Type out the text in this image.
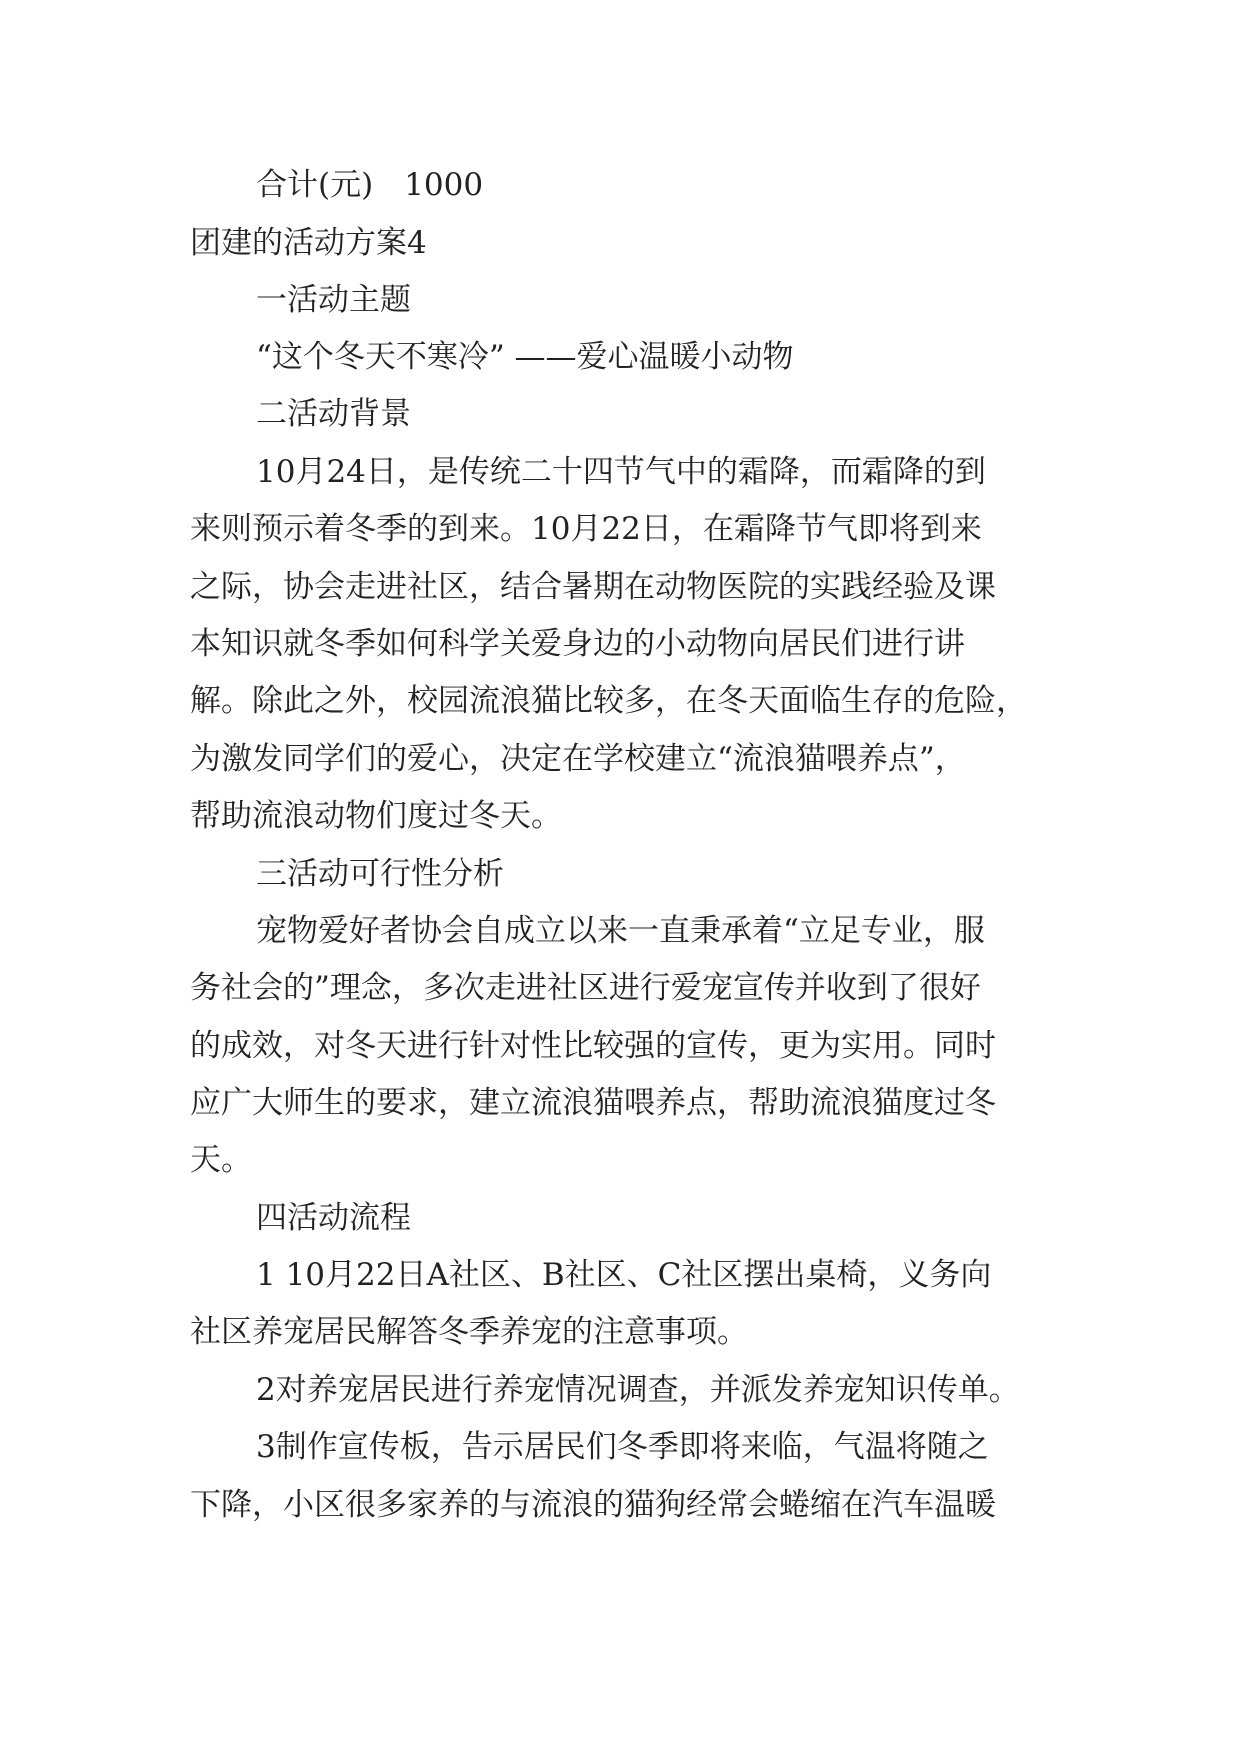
合计(元)　1000
团建的活动方案4
一活动主题
“这个冬天不寒冷” ——爱心温暖小动物
二活动背景
10月24日，是传统二十四节气中的霜降，而霜降的到
来则预示着冬季的到来。10月22日，在霜降节气即将到来
之际，协会走进社区，结合暑期在动物医院的实践经验及课
本知识就冬季如何科学关爱身边的小动物向居民们进行讲
解。除此之外，校园流浪猫比较多，在冬天面临生存的危险，
为激发同学们的爱心，决定在学校建立“流浪猫喂养点”，
帮助流浪动物们度过冬天。
三活动可行性分析
宠物爱好者协会自成立以来一直秉承着“立足专业，服
务社会的”理念，多次走进社区进行爱宠宣传并收到了很好
的成效，对冬天进行针对性比较强的宣传，更为实用。同时
应广大师生的要求，建立流浪猫喂养点，帮助流浪猫度过冬
天。
四活动流程
1 10月22日A社区、B社区、C社区摆出桌椅，义务向
社区养宠居民解答冬季养宠的注意事项。
2对养宠居民进行养宠情况调查，并派发养宠知识传单。
3制作宣传板，告示居民们冬季即将来临，气温将随之
下降，小区很多家养的与流浪的猫狗经常会蜷缩在汽车温暖
